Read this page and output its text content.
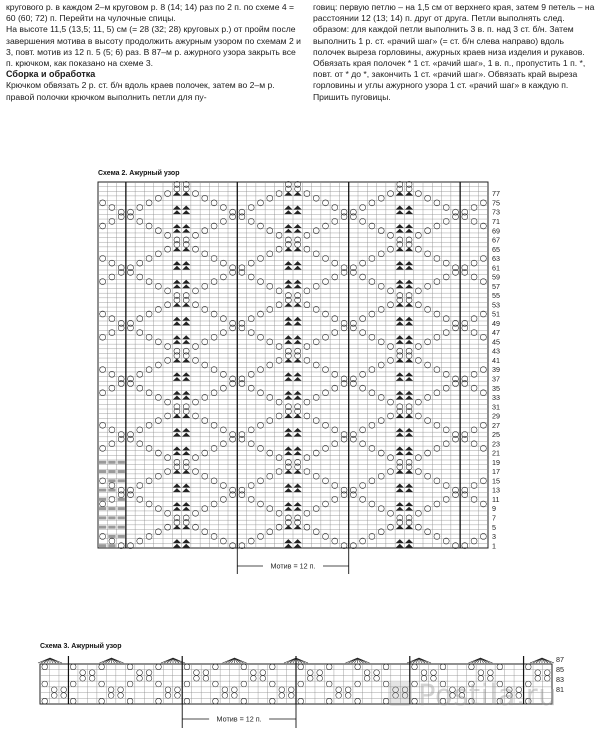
кругового р. в каждом 2–м круговом р. 8 (14; 14) раз по 2 п. по схеме 4 = 60 (60; 72) п. Перейти на чулочные спицы.

На высоте 11,5 (13,5; 11, 5) см (= 28 (32; 28) круговых р.) от пройм после завершения мотива в высоту продолжить ажурным узором по схемам 2 и 3, повт. мотив из 12 п. 5 (5; 6) раз. В 87–м р. ажурного узора закрыть все п. крючком, как показано на схеме 3.

Сборка и обработка

Крючком обвязать 2 р. ст. б/н вдоль краев полочек, затем во 2–м р. правой полочки крючком выполнить петли для пу-

говиц: первую петлю – на 1,5 см от верхнего края, затем 9 петель – на расстоянии 12 (13; 14) п. друг от друга. Петли выполнять след. образом: для каждой петли выполнить 3 в. п. над 3 ст. б/н. Затем выполнить 1 р. ст. «рачий шаг» (= ст. б/н слева направо) вдоль полочек выреза горловины, ажурных краев низа изделия и рукавов. Обвязать края полочек * 1 ст. «рачий шаг», 1 в. п., пропустить 1 п. *, повт. от * до *, закончить 1 ст. «рачий шаг». Обвязать край выреза горловины и углы ажурного узора 1 ст. «рачий шаг» в каждую п. Пришить пуговицы.

Схема 2. Ажурный узор
Схема 3. Ажурный узор
77
75
73
71
69
67
65
63
61
59
57
55
53
51
49
47
45
43
41
39
37
35
33
31
29
27
25
23
21
19
17
15
13
11
9
7
5
3
1
Мотив = 12 п.
87
85
83
81
Мотив = 12 п.
Postila.ru
